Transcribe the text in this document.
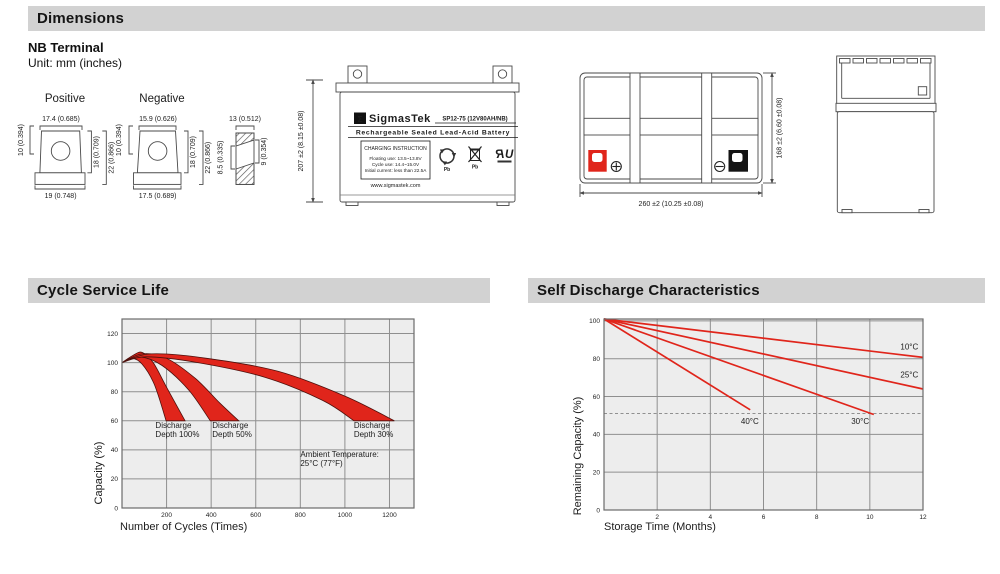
Dimensions
NB Terminal
Unit: mm (inches)
Positive
17.4 (0.685)
10 (0.394)	18 (0.709) 22 (0.866)
19 (0.748)
Negative
15.9 (0.626)
10 (0.394)	18 (0.709) 22 (0.866)
17.5 (0.689)
13 (0.512)
8.5 (0.335)	9 (0.354)	207 ±2 (8.15 ±0.08)	Σ SigmasTek SP12-75 (12V80AH/NB)
Rechargeable Sealed Lead-Acid Battery
CHARGING INSTRUCTION
Floating use: 13.5~13.8V
Cycle use: 14.4~15.0V
Initial current: less than 22.5A
www.sigmastek.com
Pb	Pb
R U
260 ±2 (10.25 ±0.08)
168 ±2 (6.60 ±0.08)
Cycle Service Life	Self Discharge Characteristics
0
20
40
60
80
100
120
200	400	600	800	1000	1200
Discharge Depth 100%
Discharge Depth 50%
Discharge Depth 30%
Ambient Temperature: 25°C (77°F)
Number of Cycles (Times)
Capacity (%)
0
20
40
60
80
100
2	4	6	8	10	12
10°C
25°C
30°C
40°C
Storage Time (Months)
Remaining Capacity (%)
